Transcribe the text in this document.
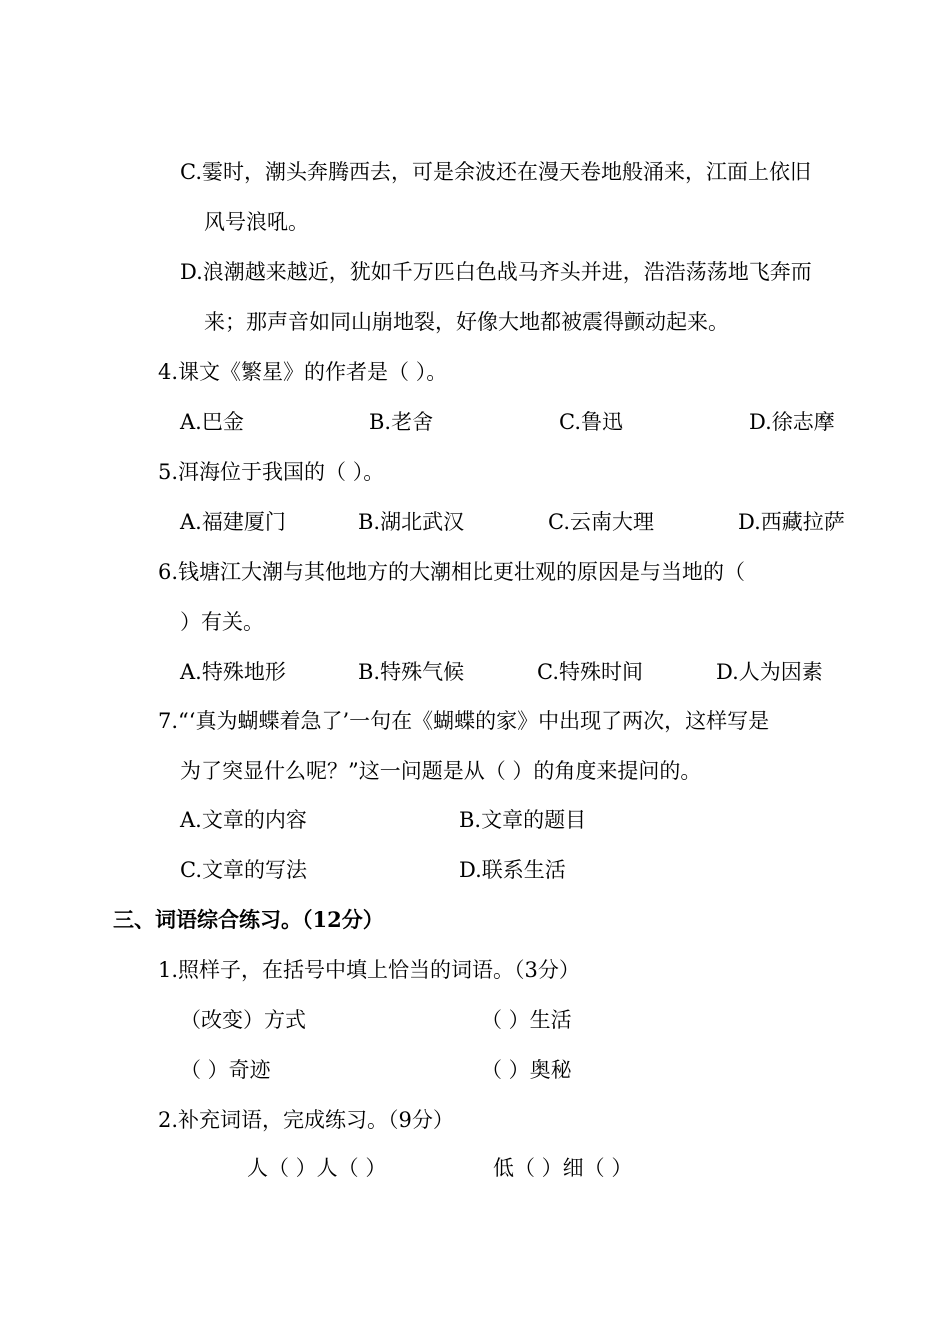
C.霎时，潮头奔腾西去，可是余波还在漫天卷地般涌来，江面上依旧
风号浪吼。
D.浪潮越来越近，犹如千万匹白色战马齐头并进，浩浩荡荡地飞奔而
来；那声音如同山崩地裂，好像大地都被震得颤动起来。
4.课文《繁星》的作者是（ ）。
A.巴金	B.老舍	C.鲁迅	D.徐志摩
5.洱海位于我国的（ ）。
A.福建厦门	B.湖北武汉	C.云南大理	D.西藏拉萨
6.钱塘江大潮与其他地方的大潮相比更壮观的原因是与当地的（
）有关。
A.特殊地形	B.特殊气候	C.特殊时间	D.人为因素
7.“‘真为蝴蝶着急了’一句在《蝴蝶的家》中出现了两次，这样写是
为了突显什么呢？”这一问题是从（ ）的角度来提问的。
A.文章的内容	B.文章的题目
C.文章的写法	D.联系生活
三、词语综合练习。（12分）
1.照样子，在括号中填上恰当的词语。（3分）
（改变）方式	（ ）生活
（ ）奇迹	（ ）奥秘
2.补充词语，完成练习。（9分）
人（ ）人（ ）	低（ ）细（ ）
